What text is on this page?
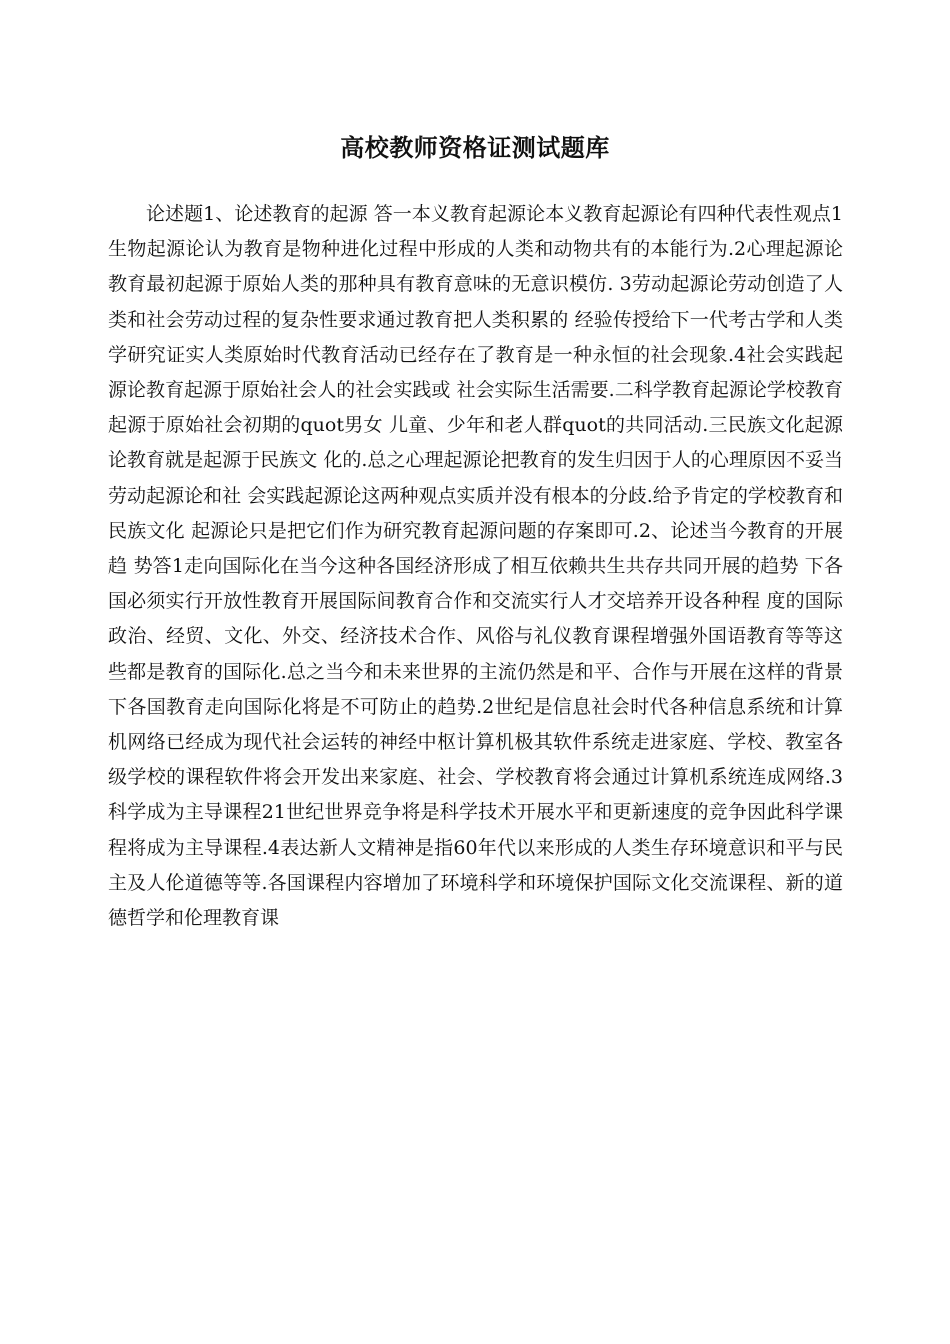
高校教师资格证测试题库

论述题1、论述教育的起源 答一本义教育起源论本义教育起源论有四种代表性观点1生物起源论认为教育是物种进化过程中形成的人类和动物共有的本能行为.2心理起源论教育最初起源于原始人类的那种具有教育意味的无意识模仿. 3劳动起源论劳动创造了人类和社会劳动过程的复杂性要求通过教育把人类积累的 经验传授给下一代考古学和人类学研究证实人类原始时代教育活动已经存在了教育是一种永恒的社会现象.4社会实践起源论教育起源于原始社会人的社会实践或 社会实际生活需要.二科学教育起源论学校教育起源于原始社会初期的quot男女 儿童、少年和老人群quot的共同活动.三民族文化起源论教育就是起源于民族文 化的.总之心理起源论把教育的发生归因于人的心理原因不妥当劳动起源论和社 会实践起源论这两种观点实质并没有根本的分歧.给予肯定的学校教育和民族文化 起源论只是把它们作为研究教育起源问题的存案即可.2、论述当今教育的开展趋 势答1走向国际化在当今这种各国经济形成了相互依赖共生共存共同开展的趋势 下各国必须实行开放性教育开展国际间教育合作和交流实行人才交培养开设各种程 度的国际政治、经贸、文化、外交、经济技术合作、风俗与礼仪教育课程增强外国语教育等等这些都是教育的国际化.总之当今和未来世界的主流仍然是和平、合作与开展在这样的背景下各国教育走向国际化将是不可防止的趋势.2世纪是信息社会时代各种信息系统和计算机网络已经成为现代社会运转的神经中枢计算机极其软件系统走进家庭、学校、教室各级学校的课程软件将会开发出来家庭、社会、学校教育将会通过计算机系统连成网络.3科学成为主导课程21世纪世界竞争将是科学技术开展水平和更新速度的竞争因此科学课程将成为主导课程.4表达新人文精神是指60年代以来形成的人类生存环境意识和平与民主及人伦道德等等.各国课程内容增加了环境科学和环境保护国际文化交流课程、新的道德哲学和伦理教育课
